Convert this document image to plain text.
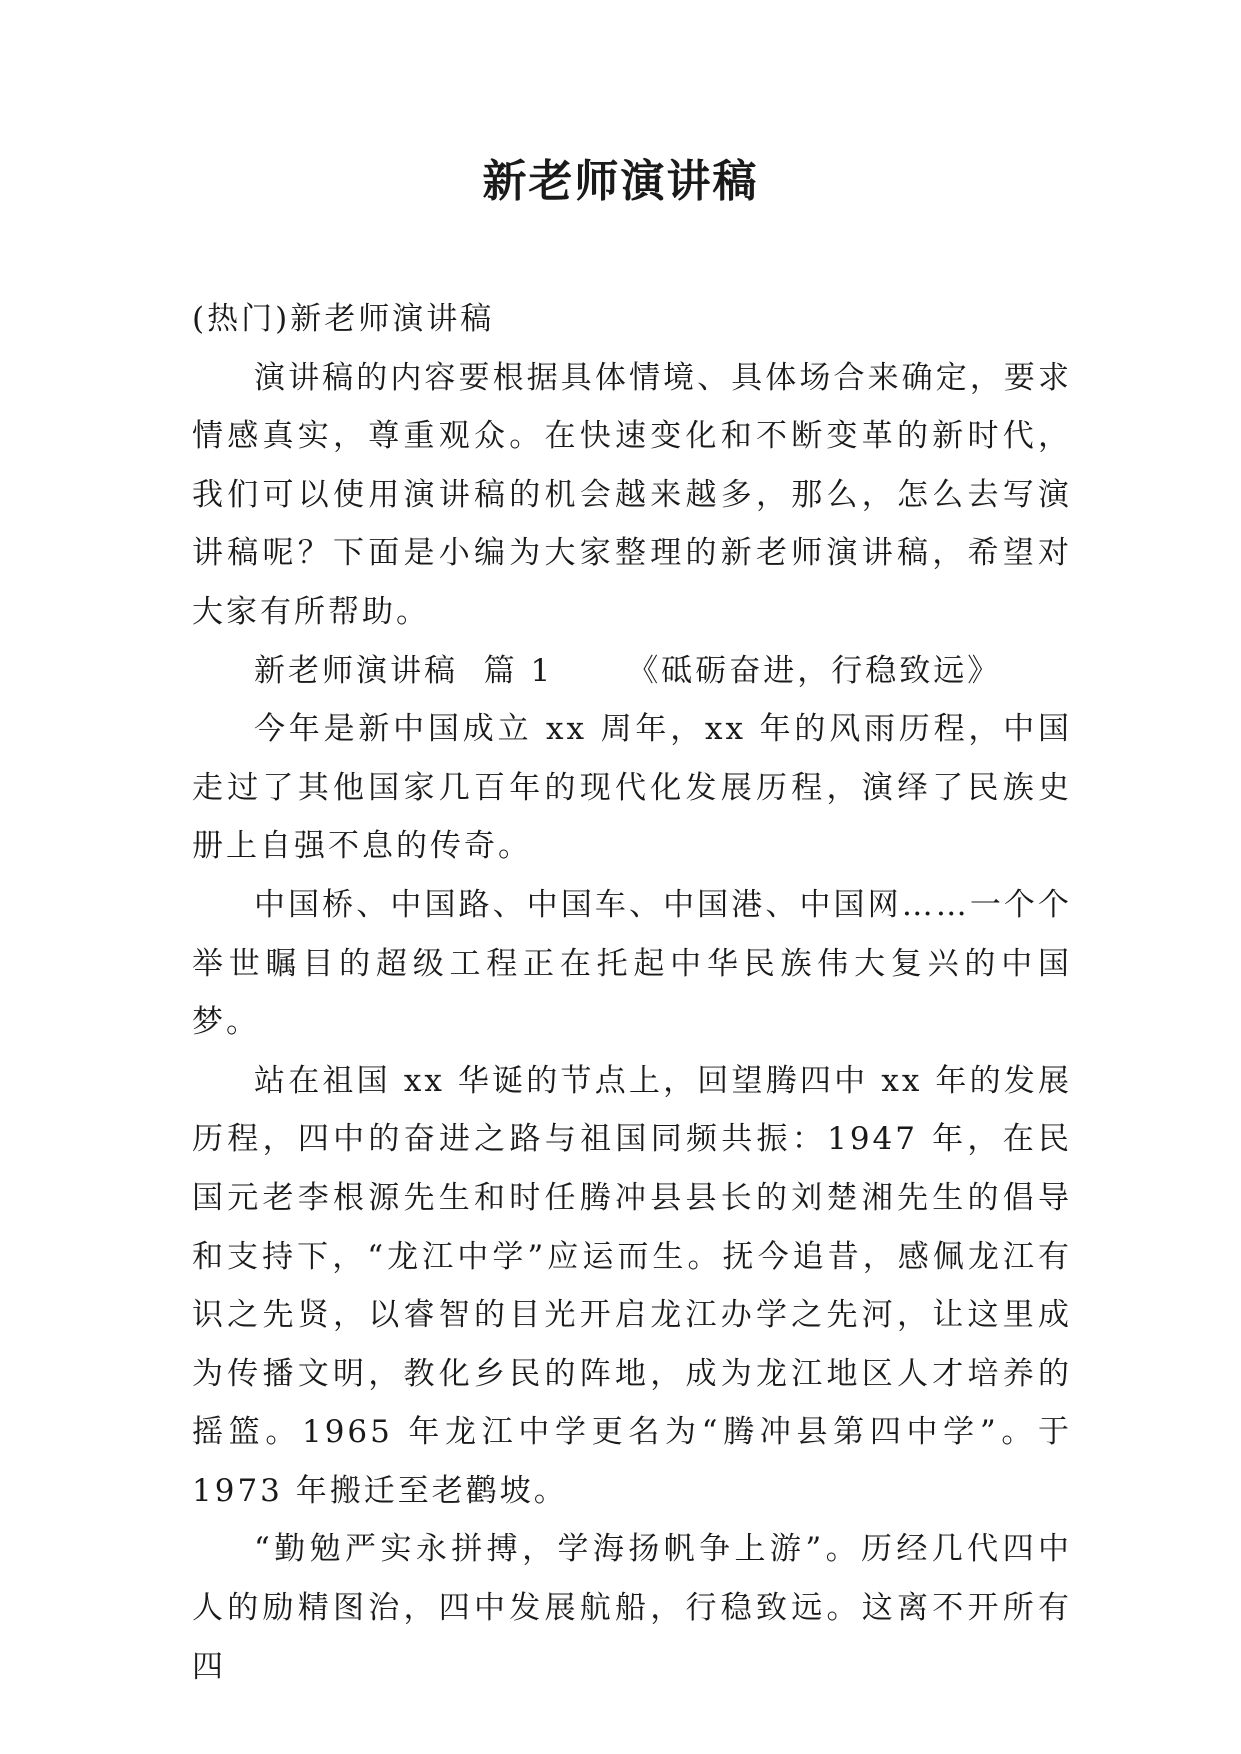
新老师演讲稿

(热门)新老师演讲稿

演讲稿的内容要根据具体情境、具体场合来确定，要求情感真实，尊重观众。在快速变化和不断变革的新时代，我们可以使用演讲稿的机会越来越多，那么，怎么去写演讲稿呢？下面是小编为大家整理的新老师演讲稿，希望对大家有所帮助。

新老师演讲稿  篇 1 《砥砺奋进，行稳致远》

今年是新中国成立 xx 周年，xx 年的风雨历程，中国走过了其他国家几百年的现代化发展历程，演绎了民族史册上自强不息的传奇。

中国桥、中国路、中国车、中国港、中国网……一个个举世瞩目的超级工程正在托起中华民族伟大复兴的中国梦。

站在祖国 xx 华诞的节点上，回望腾四中 xx 年的发展历程，四中的奋进之路与祖国同频共振：1947 年，在民国元老李根源先生和时任腾冲县县长的刘楚湘先生的倡导和支持下，“龙江中学”应运而生。抚今追昔，感佩龙江有识之先贤，以睿智的目光开启龙江办学之先河，让这里成为传播文明，教化乡民的阵地，成为龙江地区人才培养的摇篮。1965 年龙江中学更名为“腾冲县第四中学”。于 1973 年搬迁至老鹳坡。

“勤勉严实永拼搏，学海扬帆争上游”。历经几代四中人的励精图治，四中发展航船，行稳致远。这离不开所有四
